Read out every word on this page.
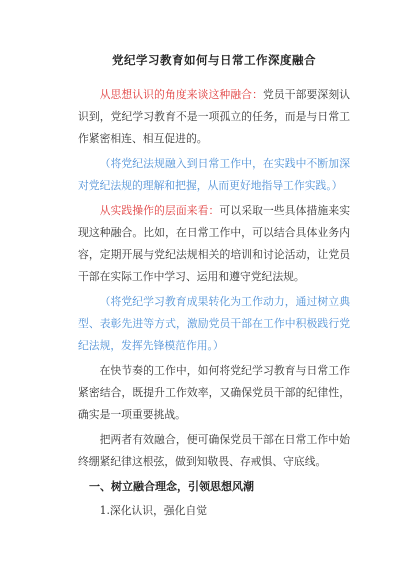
党纪学习教育如何与日常工作深度融合

从思想认识的角度来谈这种融合：党员干部要深刻认识到，党纪学习教育不是一项孤立的任务，而是与日常工作紧密相连、相互促进的。

（将党纪法规融入到日常工作中，在实践中不断加深对党纪法规的理解和把握，从而更好地指导工作实践。）

从实践操作的层面来看：可以采取一些具体措施来实现这种融合。比如，在日常工作中，可以结合具体业务内容，定期开展与党纪法规相关的培训和讨论活动，让党员干部在实际工作中学习、运用和遵守党纪法规。

（将党纪学习教育成果转化为工作动力，通过树立典型、表彰先进等方式，激励党员干部在工作中积极践行党纪法规，发挥先锋模范作用。）

在快节奏的工作中，如何将党纪学习教育与日常工作紧密结合，既提升工作效率，又确保党员干部的纪律性，确实是一项重要挑战。

把两者有效融合，便可确保党员干部在日常工作中始终绷紧纪律这根弦，做到知敬畏、存戒惧、守底线。

一、树立融合理念，引领思想风潮
1.深化认识，强化自觉
